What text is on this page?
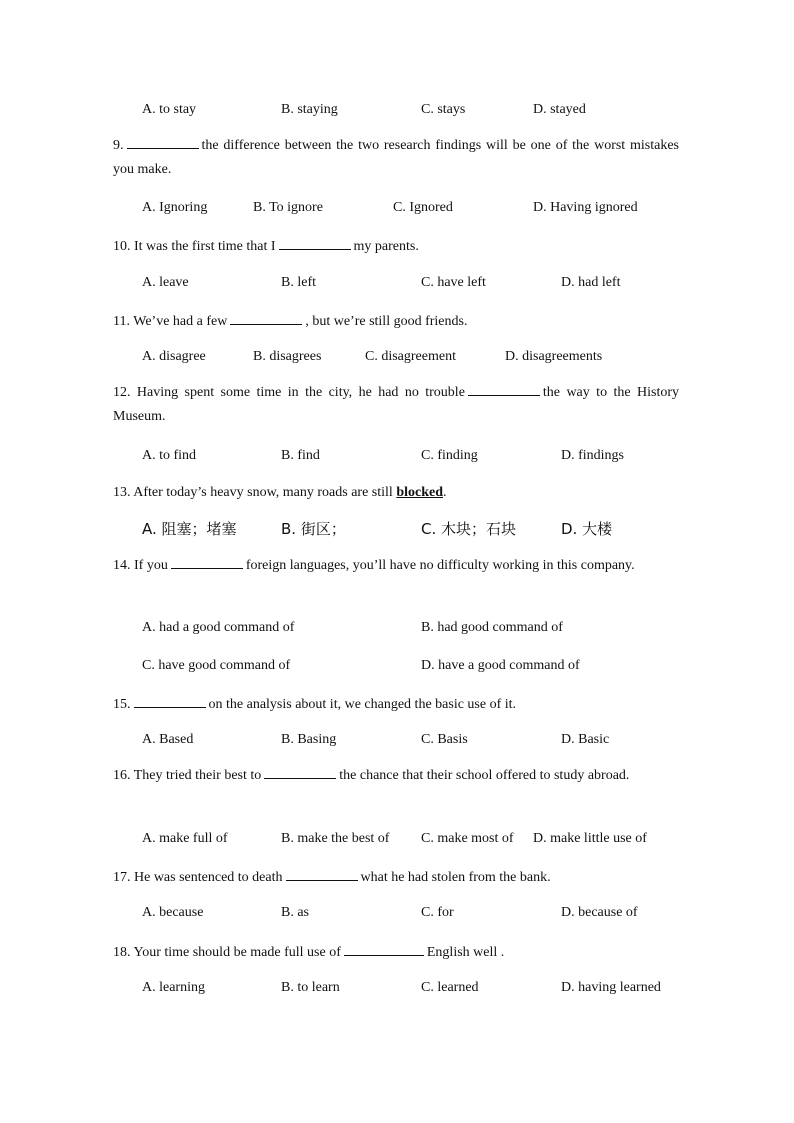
A. to stay	B. staying	C. stays	D. stayed
9.	the difference between the two research findings will be one of the worst mistakes you make.
A. Ignoring	B. To ignore	C. Ignored	D. Having ignored
10. It was the first time that I	my parents.
A. leave	B. left	C. have left	D. had left
11. We’ve had a few	, but we’re still good friends.
A. disagree	B. disagrees	C. disagreement	D. disagreements
12. Having spent some time in the city, he had no trouble	the way to the History Museum.
A. to find	B. find	C. finding	D. findings
13. After today’s heavy snow, many roads are still blocked.
A. 阻塞；堵塞	B. 街区；	C. 木块；石块	D. 大楼
14. If you	foreign languages, you’ll have no difficulty working in this company.
A. had a good command of	B. had good command of
C. have good command of	D. have a good command of
15.	on the analysis about it, we changed the basic use of it.
A. Based	B. Basing	C. Basis	D. Basic
16. They tried their best to	the chance that their school offered to study abroad.
A. make full of	B. make the best of C. make most of D. make little use of
17. He was sentenced to death	what he had stolen from the bank.
A. because	B. as	C. for	D. because of
18. Your time should be made full use of	English well .
A. learning	B. to learn	C. learned	D. having learned
